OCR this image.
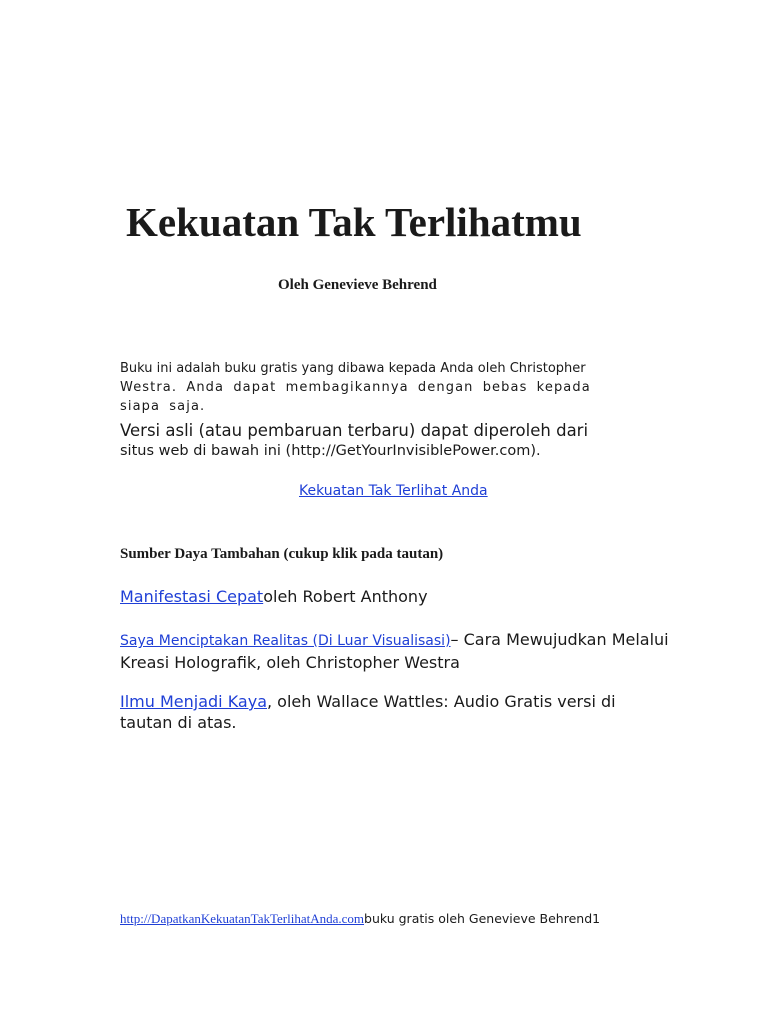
Kekuatan Tak Terlihatmu
Oleh Genevieve Behrend
Buku ini adalah buku gratis yang dibawa kepada Anda oleh Christopher
Westra. Anda dapat membagikannya dengan bebas kepada siapa saja.
Versi asli (atau pembaruan terbaru) dapat diperoleh dari
situs web di bawah ini (http://GetYourInvisiblePower.com).
Kekuatan Tak Terlihat Anda
Sumber Daya Tambahan (cukup klik pada tautan)
Manifestasi Cepatoleh Robert Anthony
Saya Menciptakan Realitas (Di Luar Visualisasi)– Cara Mewujudkan Melalui Kreasi Holografik, oleh Christopher Westra
Ilmu Menjadi Kaya, oleh Wallace Wattles: Audio Gratis versi di tautan di atas.
http://DapatkanKekuatanTakTerlihatAnda.combuku gratis oleh Genevieve Behrend1
